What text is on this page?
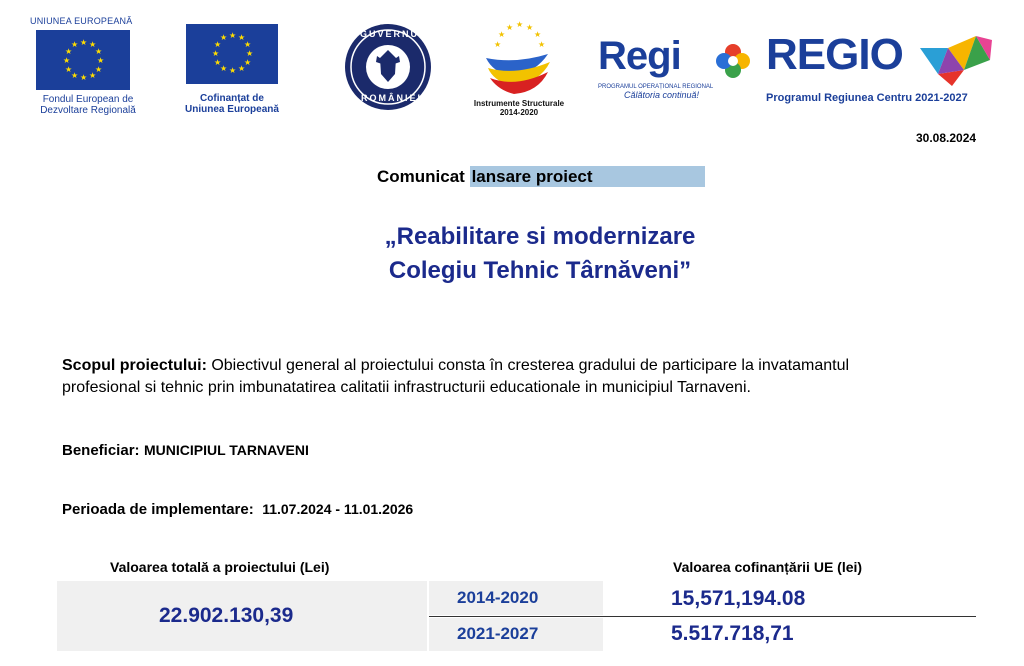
UNIUNEA EUROPEANĂ
★ ★
★
★
★
★
★
★
★
★
★
★
Fondul European de
Dezvoltare Regională
★ ★
★
★
★
★
★
★
★
★
★
★
Cofinanțat de
Uniunea Europeană
GUVERNUL
ROMÂNIEI
★ ★
★
★
★
★
★
Instrumente Structurale
2014-2020
Regi
PROGRAMUL OPERAȚIONAL REGIONAL
Călătoria continuă!
REGIO
Programul Regiunea Centru 2021-2027
30.08.2024
Comunicat lansare proiect
„Reabilitare si modernizare
Colegiu Tehnic Târnăveni”
Scopul proiectului: Obiectivul general al proiectului consta în cresterea gradului de participare la invatamantul
profesional si tehnic prin imbunatatirea calitatii infrastructurii educationale in municipiul Tarnaveni.
Beneficiar: MUNICIPIUL TARNAVENI
Perioada de implementare: 11.07.2024 - 11.01.2026
Valoarea totală a proiectului (Lei)	Valoarea cofinanțării UE (lei)
22.902.130,39
2014-2020	15,571,194.08
2021-2027	5.517.718,71
